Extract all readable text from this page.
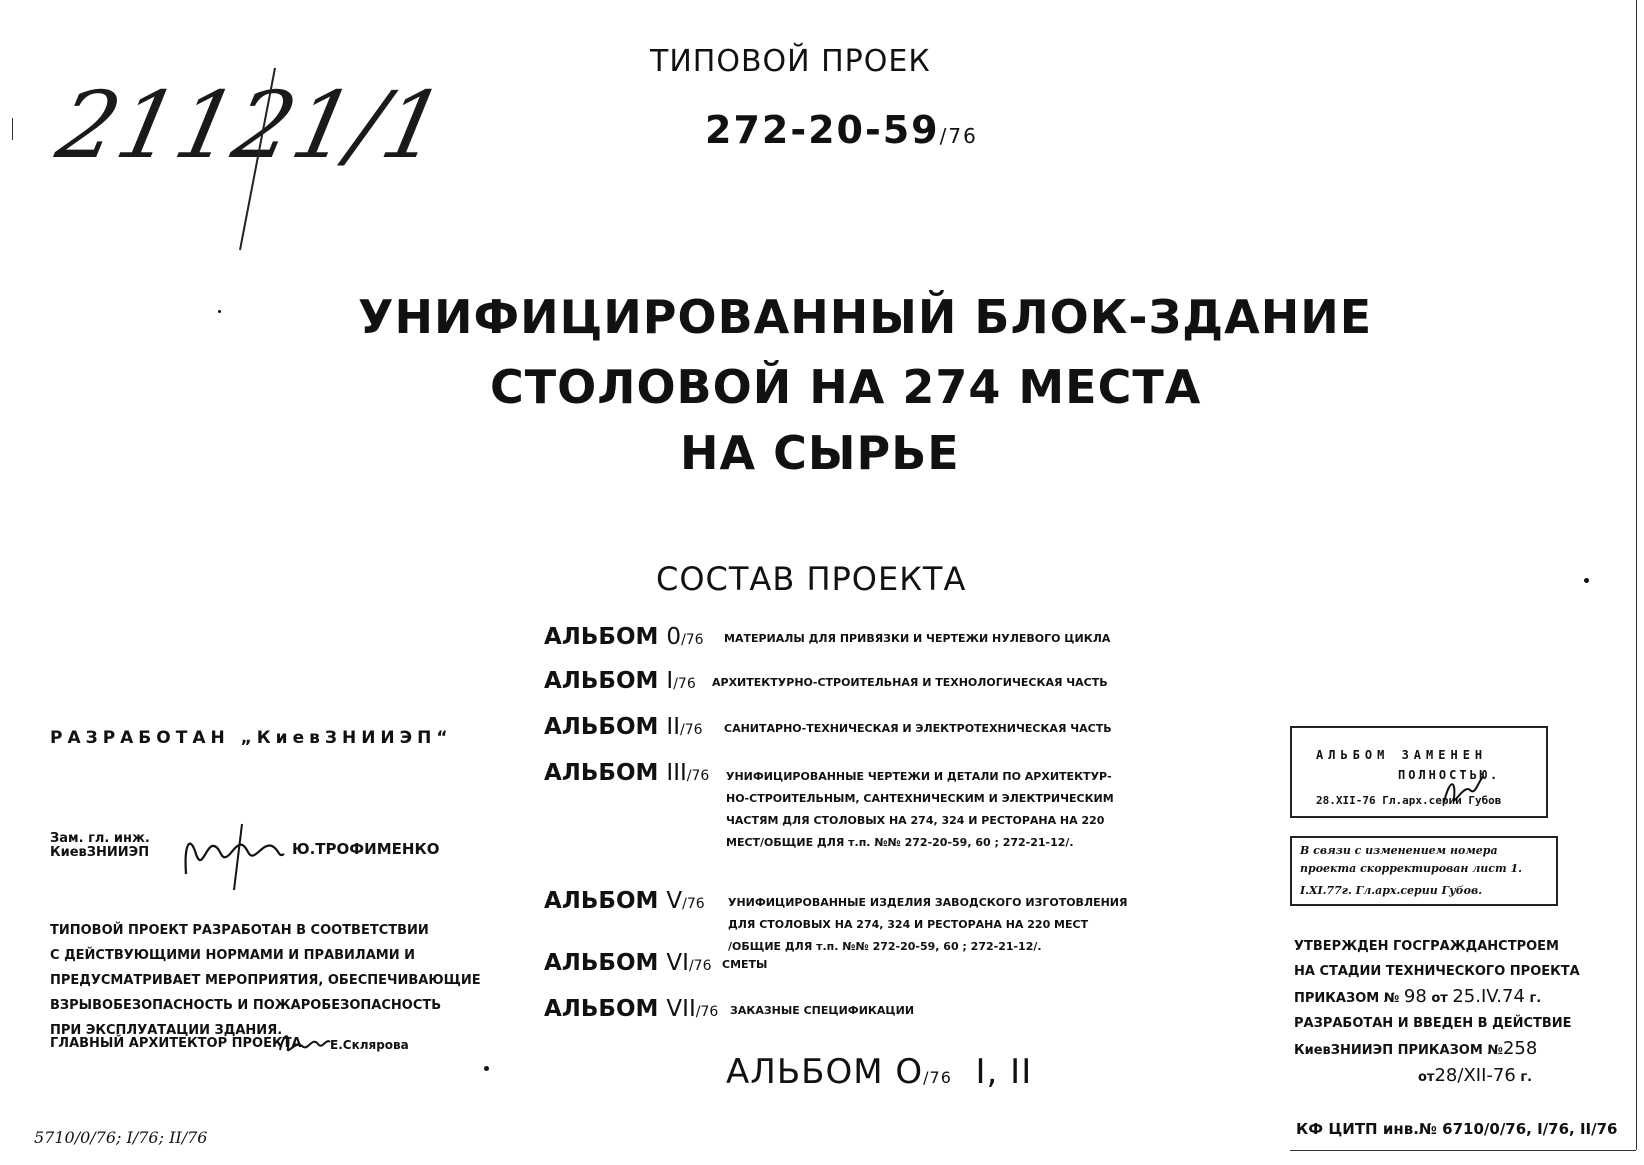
ТИПОВОЙ ПРОЕК
272-20-59/76
21121/1
УНИФИЦИРОВАННЫЙ БЛОК-ЗДАНИЕ
СТОЛОВОЙ НА 274 МЕСТА
НА СЫРЬЕ
СОСТАВ ПРОЕКТА
АЛЬБОМ 0/76 МАТЕРИАЛЫ ДЛЯ ПРИВЯЗКИ И ЧЕРТЕЖИ НУЛЕВОГО ЦИКЛА
АЛЬБОМ I/76 АРХИТЕКТУРНО-СТРОИТЕЛЬНАЯ И ТЕХНОЛОГИЧЕСКАЯ ЧАСТЬ
АЛЬБОМ II/76 САНИТАРНО-ТЕХНИЧЕСКАЯ И ЭЛЕКТРОТЕХНИЧЕСКАЯ ЧАСТЬ
АЛЬБОМ III/76 УНИФИЦИРОВАННЫЕ ЧЕРТЕЖИ И ДЕТАЛИ ПО АРХИТЕКТУР-
НО-СТРОИТЕЛЬНЫМ, САНТЕХНИЧЕСКИМ И ЭЛЕКТРИЧЕСКИМ
ЧАСТЯМ ДЛЯ СТОЛОВЫХ НА 274, 324 И РЕСТОРАНА НА 220
МЕСТ/ОБЩИЕ ДЛЯ т.п. №№ 272-20-59, 60 ; 272-21-12/.
АЛЬБОМ V/76 УНИФИЦИРОВАННЫЕ ИЗДЕЛИЯ ЗАВОДСКОГО ИЗГОТОВЛЕНИЯ
ДЛЯ СТОЛОВЫХ НА 274, 324 И РЕСТОРАНА НА 220 МЕСТ
/ОБЩИЕ ДЛЯ т.п. №№ 272-20-59, 60 ; 272-21-12/.
АЛЬБОМ VI/76 СМЕТЫ
АЛЬБОМ VII/76 ЗАКАЗНЫЕ СПЕЦИФИКАЦИИ
РАЗРАБОТАН „КиевЗНИИЭП“
Зам. гл. инж.
КиевЗНИИЭП	Ю.ТРОФИМЕНКО
ТИПОВОЙ ПРОЕКТ РАЗРАБОТАН В СООТВЕТСТВИИ
С ДЕЙСТВУЮЩИМИ НОРМАМИ И ПРАВИЛАМИ И
ПРЕДУСМАТРИВАЕТ МЕРОПРИЯТИЯ, ОБЕСПЕЧИВАЮЩИЕ
ВЗРЫВОБЕЗОПАСНОСТЬ И ПОЖАРОБЕЗОПАСНОСТЬ
ПРИ ЭКСПЛУАТАЦИИ ЗДАНИЯ.
ГЛАВНЫЙ АРХИТЕКТОР ПРОЕКТА Е.Склярова
5710/0/76; I/76; II/76
АЛЬБОМ О/76 I, II
АЛЬБОМ ЗАМЕНЕН
ПОЛНОСТЬЮ.
28.XII-76 Гл.арх.серии Губов
В связи с изменением номера
проекта скорректирован лист 1.
I.XI.77г. Гл.арх.серии Губов.
УТВЕРЖДЕН ГОСГРАЖДАНСТРОЕМ
НА СТАДИИ ТЕХНИЧЕСКОГО ПРОЕКТА
ПРИКАЗОМ № 98 от 25.IV.74 г.
РАЗРАБОТАН И ВВЕДЕН В ДЕЙСТВИЕ
КиевЗНИИЭП ПРИКАЗОМ №258
от28/XII-76 г.
КФ ЦИТП инв.№ 6710/0/76, I/76, II/76
